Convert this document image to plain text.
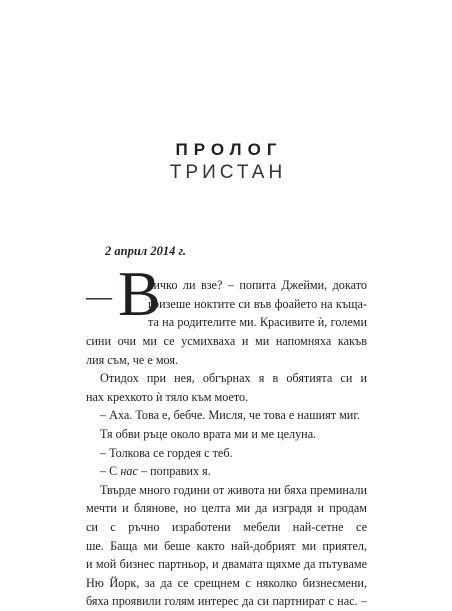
ПРОЛОГ
ТРИСТАН
2 април 2014 г.
— В
сичко ли взе? – попита Джейми, докато
гризеше ноктите си във фоайето на къща-
та на родителите ми. Красивите ѝ, големи
сини очи ми се усмихваха и ми напомняха какъв
лия съм, че е моя.
Отидох при нея, обгърнах я в обятията си и
нах крехкото ѝ тяло към моето.
– Аха. Това е, бебче. Мисля, че това е нашият миг.
Тя обви ръце около врата ми и ме целуна.
– Толкова се гордея с теб.
– С нас – поправих я.
Твърде много години от живота ни бяха преминали
мечти и блянове, но целта ми да изградя и продам
си с ръчно изработени мебели най-сетне се
ше. Баща ми беше както най-добрият ми приятел,
и мой бизнес партньор, и двамата щяхме да пътуваме
Ню Йорк, за да се срещнем с няколко бизнесмени,
бяха проявили голям интерес да си партнират с нас. –
